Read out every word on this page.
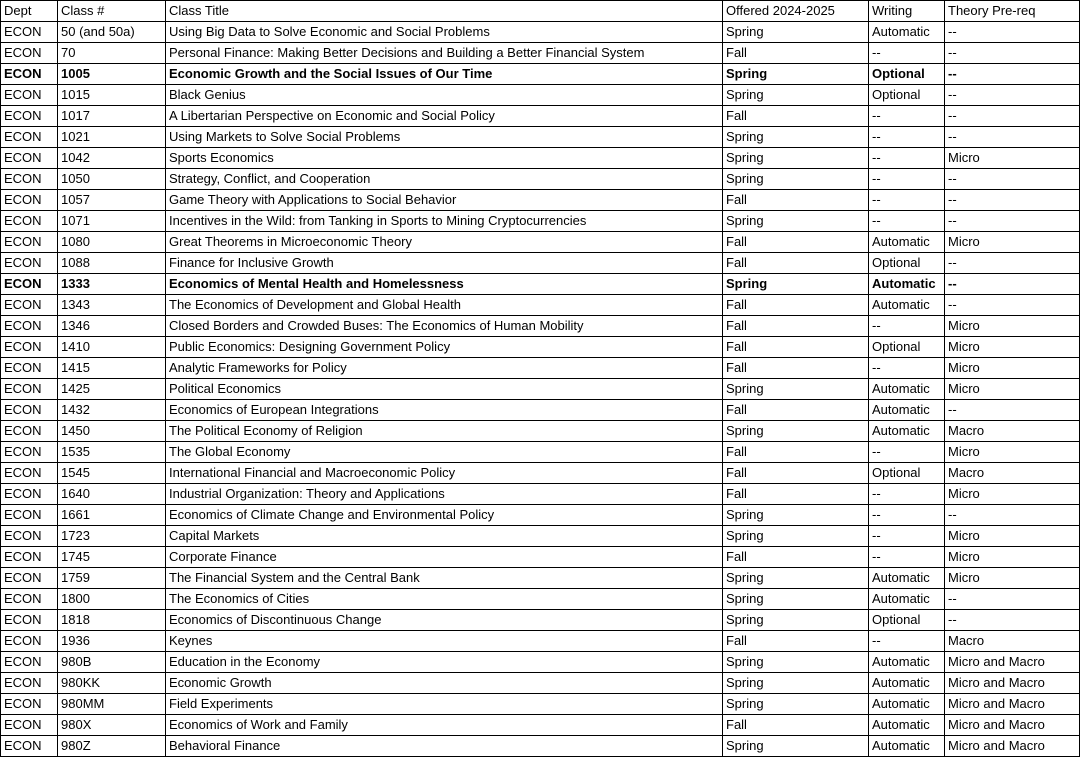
Dept	Class #	Class Title	Offered 2024-2025	Writing	Theory Pre-req
ECON	50 (and 50a)	Using Big Data to Solve Economic and Social Problems	Spring	Automatic	--
ECON	70	Personal Finance: Making Better Decisions and Building a Better Financial System	Fall	--	--
ECON	1005	Economic Growth and the Social Issues of Our Time	Spring	Optional	--
ECON	1015	Black Genius	Spring	Optional	--
ECON	1017	A Libertarian Perspective on Economic and Social Policy	Fall	--	--
ECON	1021	Using Markets to Solve Social Problems	Spring	--	--
ECON	1042	Sports Economics	Spring	--	Micro
ECON	1050	Strategy, Conflict, and Cooperation	Spring	--	--
ECON	1057	Game Theory with Applications to Social Behavior	Fall	--	--
ECON	1071	Incentives in the Wild: from Tanking in Sports to Mining Cryptocurrencies	Spring	--	--
ECON	1080	Great Theorems in Microeconomic Theory	Fall	Automatic	Micro
ECON	1088	Finance for Inclusive Growth	Fall	Optional	--
ECON	1333	Economics of Mental Health and Homelessness	Spring	Automatic	--
ECON	1343	The Economics of Development and Global Health	Fall	Automatic	--
ECON	1346	Closed Borders and Crowded Buses: The Economics of Human Mobility	Fall	--	Micro
ECON	1410	Public Economics: Designing Government Policy	Fall	Optional	Micro
ECON	1415	Analytic Frameworks for Policy	Fall	--	Micro
ECON	1425	Political Economics	Spring	Automatic	Micro
ECON	1432	Economics of European Integrations	Fall	Automatic	--
ECON	1450	The Political Economy of Religion	Spring	Automatic	Macro
ECON	1535	The Global Economy	Fall	--	Micro
ECON	1545	International Financial and Macroeconomic Policy	Fall	Optional	Macro
ECON	1640	Industrial Organization: Theory and Applications	Fall	--	Micro
ECON	1661	Economics of Climate Change and Environmental Policy	Spring	--	--
ECON	1723	Capital Markets	Spring	--	Micro
ECON	1745	Corporate Finance	Fall	--	Micro
ECON	1759	The Financial System and the Central Bank	Spring	Automatic	Micro
ECON	1800	The Economics of Cities	Spring	Automatic	--
ECON	1818	Economics of Discontinuous Change	Spring	Optional	--
ECON	1936	Keynes	Fall	--	Macro
ECON	980B	Education in the Economy	Spring	Automatic	Micro and Macro
ECON	980KK	Economic Growth	Spring	Automatic	Micro and Macro
ECON	980MM	Field Experiments	Spring	Automatic	Micro and Macro
ECON	980X	Economics of Work and Family	Fall	Automatic	Micro and Macro
ECON	980Z	Behavioral Finance	Spring	Automatic	Micro and Macro
